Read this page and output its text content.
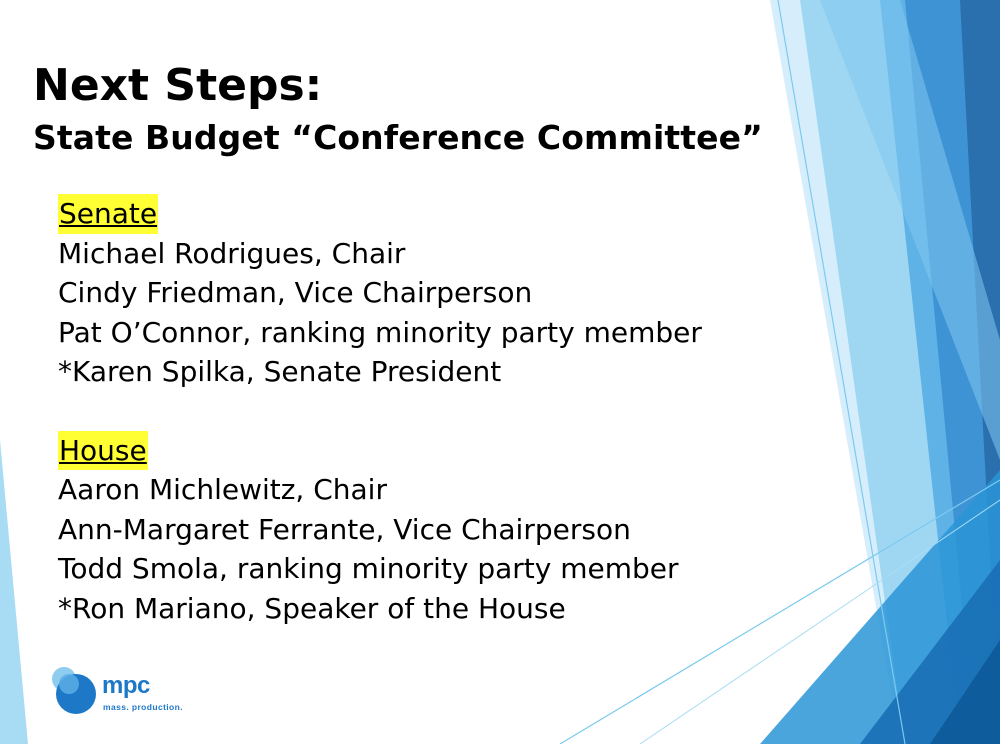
Next Steps:
State Budget “Conference Committee”
Senate
Michael Rodrigues, Chair
Cindy Friedman, Vice Chairperson
Pat O’Connor, ranking minority party member
*Karen Spilka, Senate President
House
Aaron Michlewitz, Chair
Ann-Margaret Ferrante, Vice Chairperson
Todd Smola, ranking minority party member
*Ron Mariano, Speaker of the House
mpc
mass. production.
